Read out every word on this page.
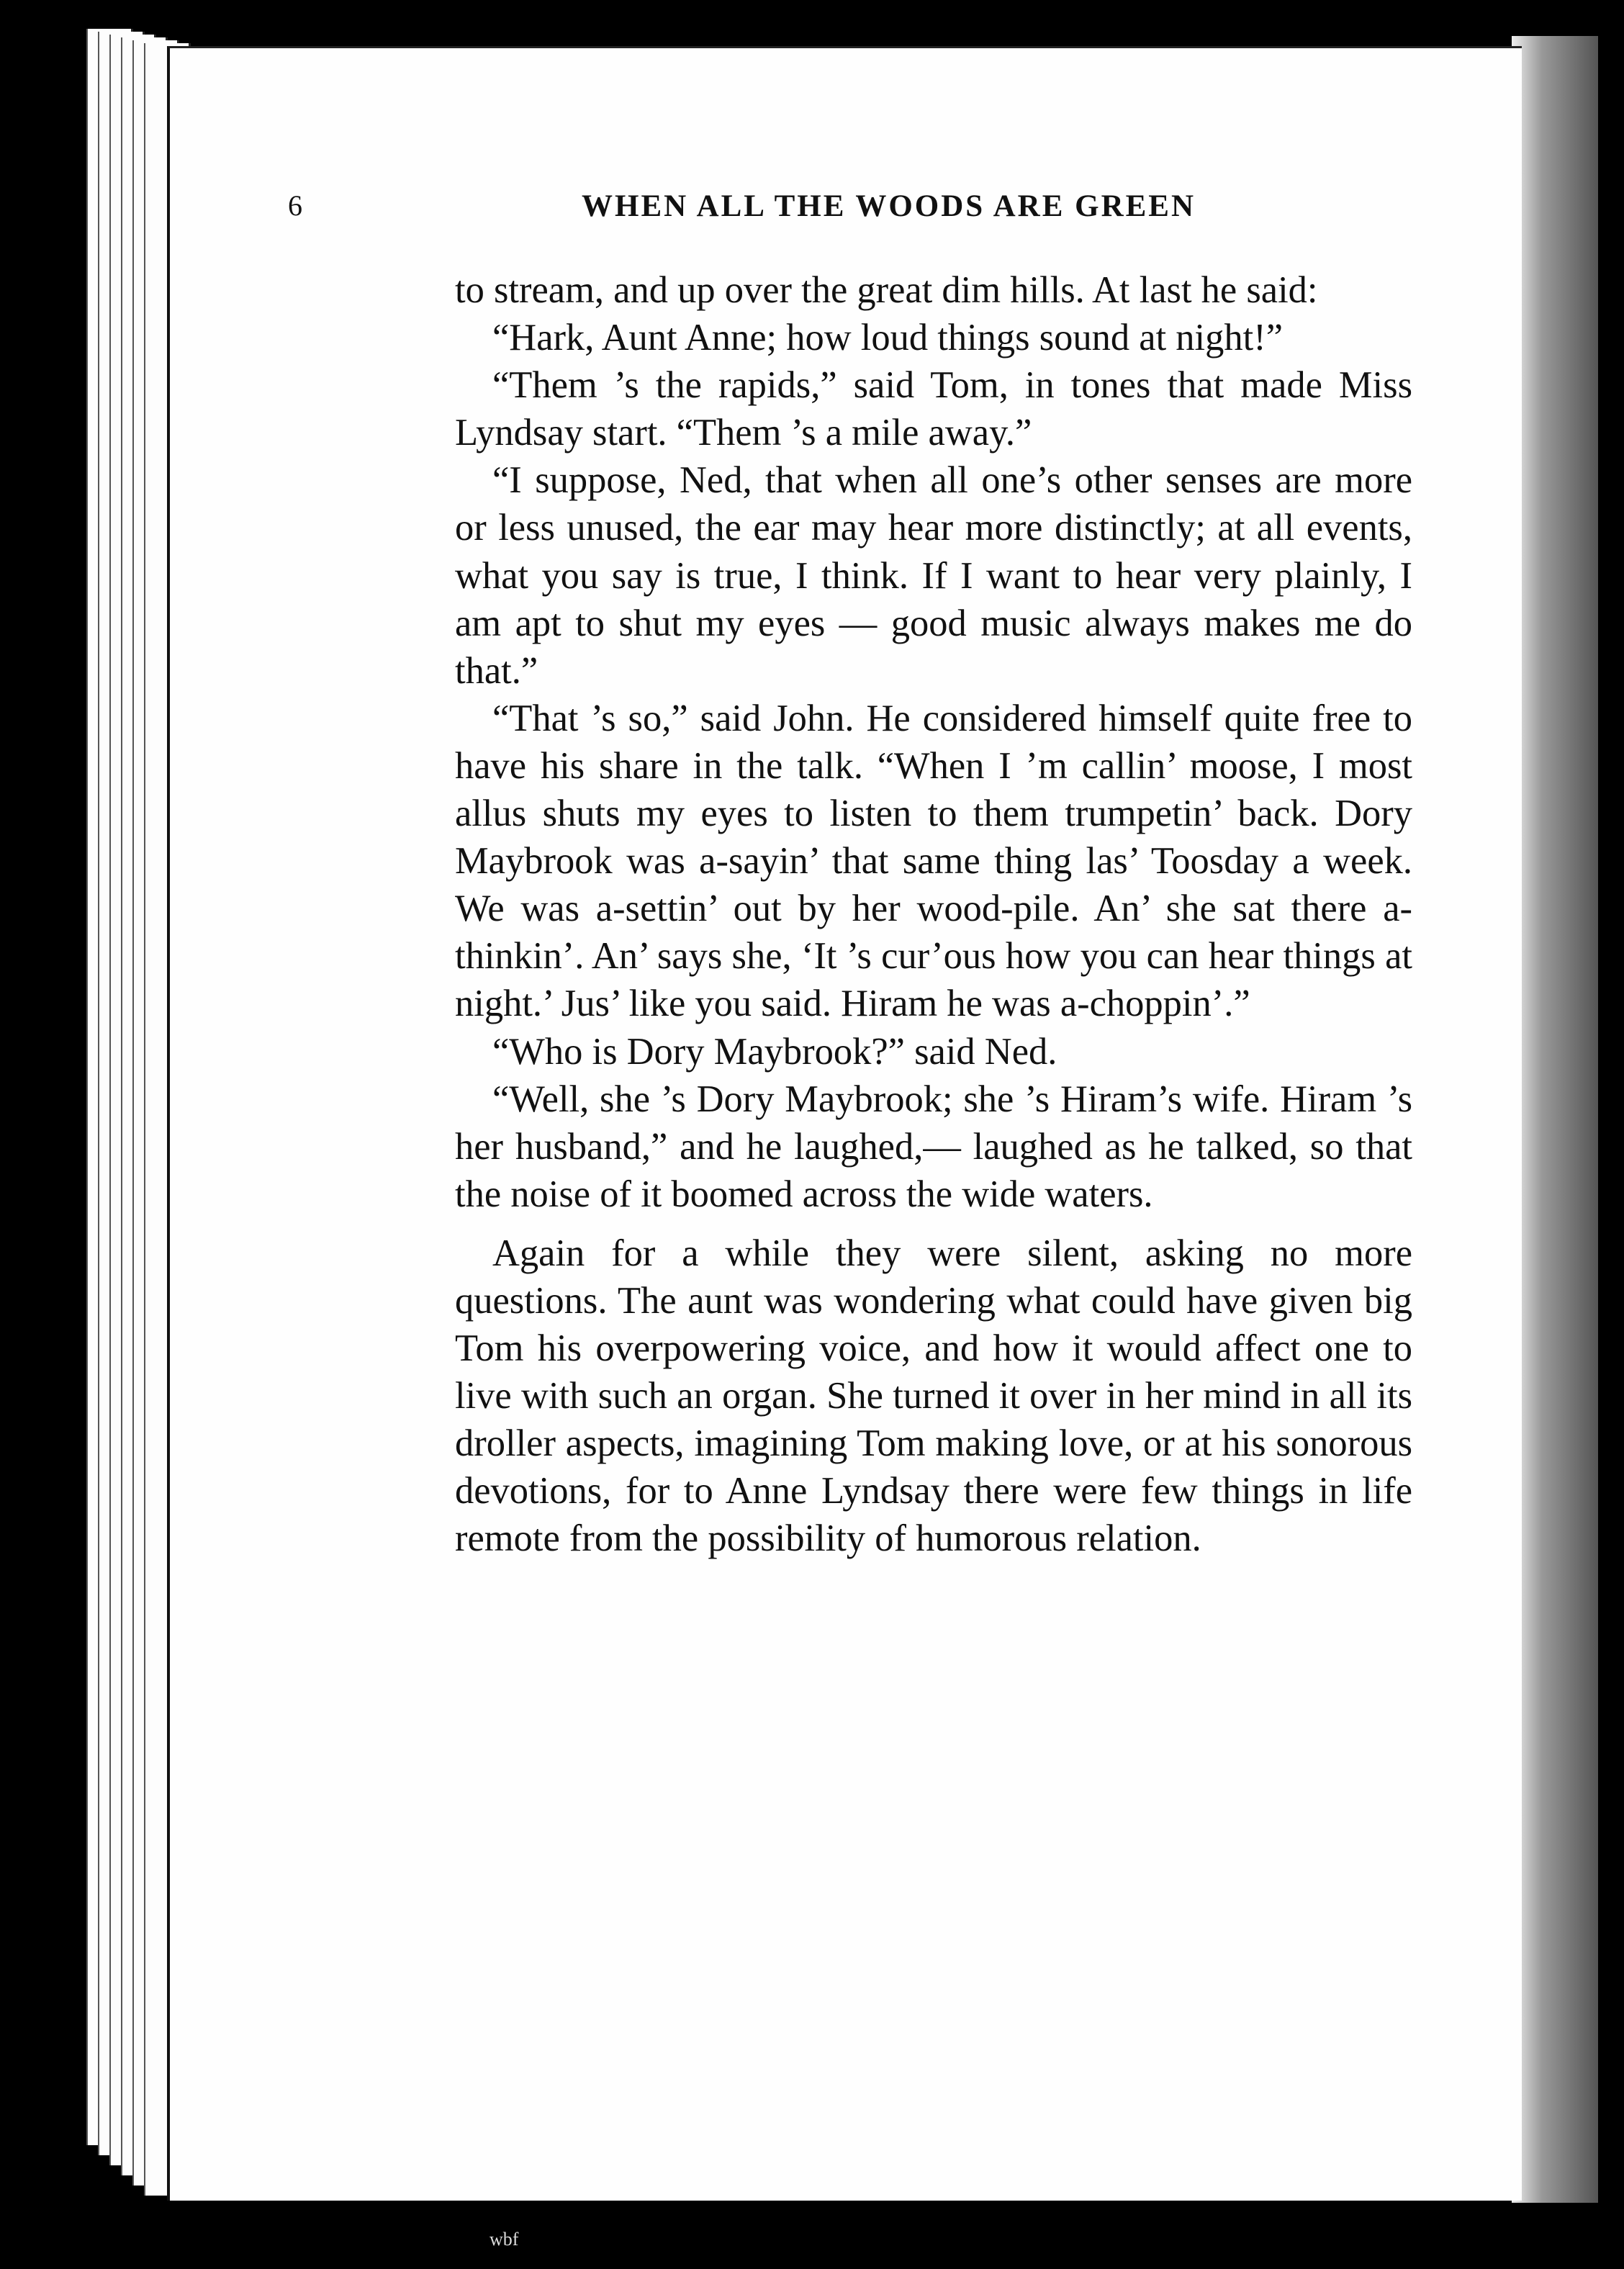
6	WHEN ALL THE WOODS ARE GREEN

to stream, and up over the great dim hills. At last he said:

“Hark, Aunt Anne; how loud things sound at night!”

“Them ’s the rapids,” said Tom, in tones that made Miss Lyndsay start. “Them ’s a mile away.”

“I suppose, Ned, that when all one’s other senses are more or less unused, the ear may hear more distinctly; at all events, what you say is true, I think. If I want to hear very plainly, I am apt to shut my eyes — good music always makes me do that.”

“That ’s so,” said John. He considered himself quite free to have his share in the talk. “When I ’m callin’ moose, I most allus shuts my eyes to listen to them trumpetin’ back. Dory Maybrook was a-sayin’ that same thing las’ Toosday a week. We was a-settin’ out by her wood-pile. An’ she sat there a-thinkin’. An’ says she, ‘It ’s cur’ous how you can hear things at night.’ Jus’ like you said. Hiram he was a-choppin’.”

“Who is Dory Maybrook?” said Ned.

“Well, she ’s Dory Maybrook; she ’s Hiram’s wife. Hiram ’s her husband,” and he laughed,— laughed as he talked, so that the noise of it boomed across the wide waters.

Again for a while they were silent, asking no more questions. The aunt was wondering what could have given big Tom his overpowering voice, and how it would affect one to live with such an organ. She turned it over in her mind in all its droller aspects, imagining Tom making love, or at his sonorous devotions, for to Anne Lyndsay there were few things in life remote from the possibility of humorous relation.

wbf
